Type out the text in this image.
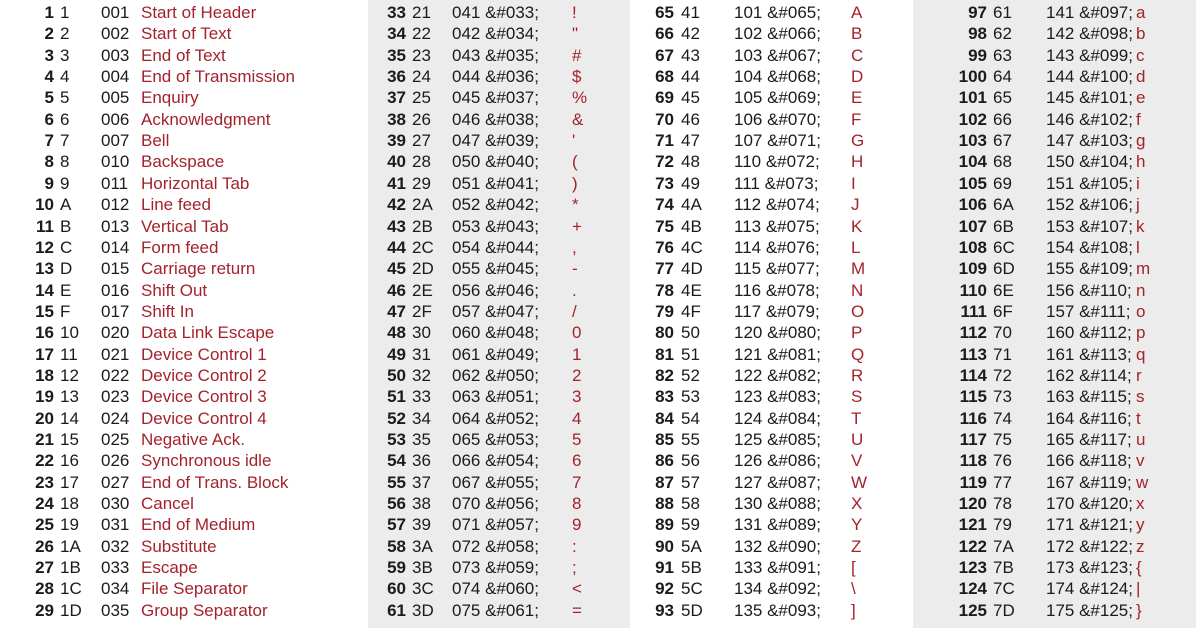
1 1 001 Start of Header
2 2 002 Start of Text
3 3 003 End of Text
4 4 004 End of Transmission
5 5 005 Enquiry
6 6 006 Acknowledgment
7 7 007 Bell
8 8 010 Backspace
9 9 011 Horizontal Tab
10 A 012 Line feed
11 B 013 Vertical Tab
12 C 014 Form feed
13 D 015 Carriage return
14 E 016 Shift Out
15 F 017 Shift In
16 10 020 Data Link Escape
17 11 021 Device Control 1
18 12 022 Device Control 2
19 13 023 Device Control 3
20 14 024 Device Control 4
21 15 025 Negative Ack.
22 16 026 Synchronous idle
23 17 027 End of Trans. Block
24 18 030 Cancel
25 19 031 End of Medium
26 1A 032 Substitute
27 1B 033 Escape
28 1C 034 File Separator
29 1D 035 Group Separator
33 21 041 &#033; !
34 22 042 &#034; "
35 23 043 &#035; #
36 24 044 &#036; $
37 25 045 &#037; %
38 26 046 &#038; &
39 27 047 &#039; '
40 28 050 &#040; (
41 29 051 &#041; )
42 2A 052 &#042; *
43 2B 053 &#043; +
44 2C 054 &#044; ,
45 2D 055 &#045; -
46 2E 056 &#046; .
47 2F 057 &#047; /
48 30 060 &#048; 0
49 31 061 &#049; 1
50 32 062 &#050; 2
51 33 063 &#051; 3
52 34 064 &#052; 4
53 35 065 &#053; 5
54 36 066 &#054; 6
55 37 067 &#055; 7
56 38 070 &#056; 8
57 39 071 &#057; 9
58 3A 072 &#058; :
59 3B 073 &#059; ;
60 3C 074 &#060; <
61 3D 075 &#061; =
65 41 101 &#065; A
66 42 102 &#066; B
67 43 103 &#067; C
68 44 104 &#068; D
69 45 105 &#069; E
70 46 106 &#070; F
71 47 107 &#071; G
72 48 110 &#072; H
73 49 111 &#073; I
74 4A 112 &#074; J
75 4B 113 &#075; K
76 4C 114 &#076; L
77 4D 115 &#077; M
78 4E 116 &#078; N
79 4F 117 &#079; O
80 50 120 &#080; P
81 51 121 &#081; Q
82 52 122 &#082; R
83 53 123 &#083; S
84 54 124 &#084; T
85 55 125 &#085; U
86 56 126 &#086; V
87 57 127 &#087; W
88 58 130 &#088; X
89 59 131 &#089; Y
90 5A 132 &#090; Z
91 5B 133 &#091; [
92 5C 134 &#092; \
93 5D 135 &#093; ]
97 61 141 &#097; a
98 62 142 &#098; b
99 63 143 &#099; c
100 64 144 &#100; d
101 65 145 &#101; e
102 66 146 &#102; f
103 67 147 &#103; g
104 68 150 &#104; h
105 69 151 &#105; i
106 6A 152 &#106; j
107 6B 153 &#107; k
108 6C 154 &#108; l
109 6D 155 &#109; m
110 6E 156 &#110; n
111 6F 157 &#111; o
112 70 160 &#112; p
113 71 161 &#113; q
114 72 162 &#114; r
115 73 163 &#115; s
116 74 164 &#116; t
117 75 165 &#117; u
118 76 166 &#118; v
119 77 167 &#119; w
120 78 170 &#120; x
121 79 171 &#121; y
122 7A 172 &#122; z
123 7B 173 &#123; {
124 7C 174 &#124; |
125 7D 175 &#125; }
